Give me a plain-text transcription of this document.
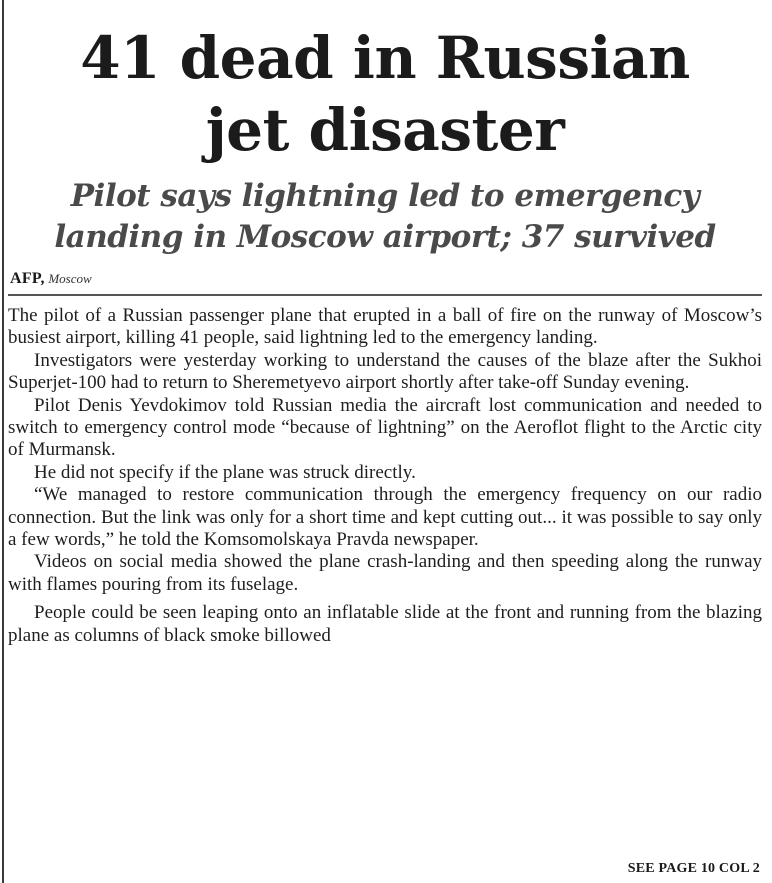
41 dead in Russian
jet disaster
Pilot says lightning led to emergency
landing in Moscow airport; 37 survived
AFP, Moscow

The pilot of a Russian passenger plane that erupted in a ball of fire on the runway of Moscow’s busiest airport, killing 41 people, said lightning led to the emergency landing.

Investigators were yesterday working to understand the causes of the blaze after the Sukhoi Superjet-100 had to return to Sheremetyevo airport shortly after take-off Sunday evening.

Pilot Denis Yevdokimov told Russian media the aircraft lost communication and needed to switch to emergency control mode “because of lightning” on the Aeroflot flight to the Arctic city of Murmansk.

He did not specify if the plane was struck directly.

“We managed to restore communication through the emergency frequency on our radio connection. But the link was only for a short time and kept cutting out... it was possible to say only a few words,” he told the Komsomolskaya Pravda newspaper.

Videos on social media showed the plane crash-landing and then speeding along the runway with flames pouring from its fuselage.

People could be seen leaping onto an inflatable slide at the front and running from the blazing plane as columns of black smoke billowed

SEE PAGE 10 COL 2
